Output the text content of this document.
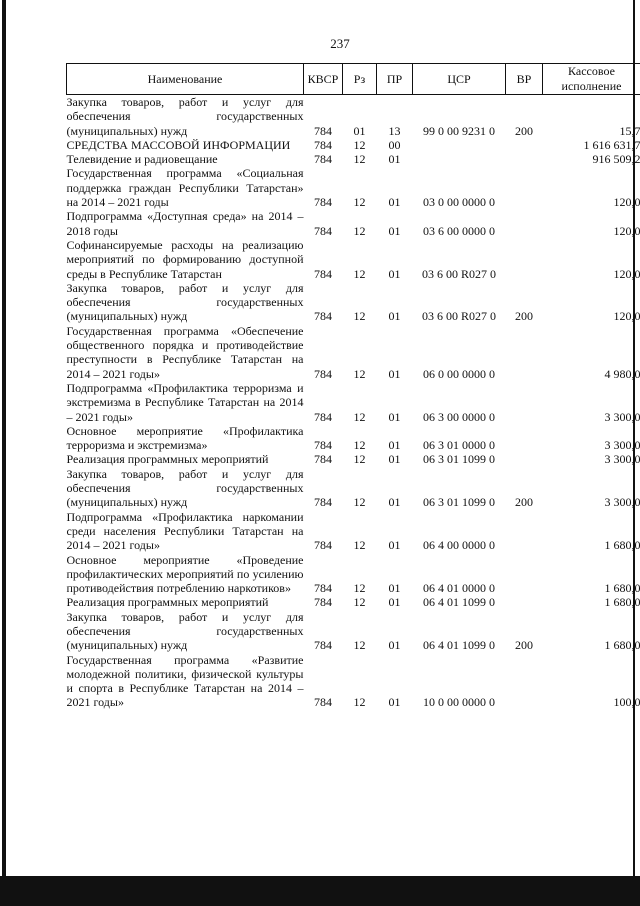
237
Наименование	КВСР	Рз	ПР	ЦСР	ВР	Кассовое исполнение
Закупка товаров, работ и услуг для обеспечения государственных (муниципальных) нужд	784	01	13	99 0 00 9231 0	200	15,7
СРЕДСТВА МАССОВОЙ ИНФОРМАЦИИ	784	12	00			1 616 631,7
Телевидение и радиовещание	784	12	01			916 509,2
Государственная программа «Социальная поддержка граждан Республики Татарстан» на 2014 – 2021 годы	784	12	01	03 0 00 0000 0		120,0
Подпрограмма «Доступная среда» на 2014 – 2018 годы	784	12	01	03 6 00 0000 0		120,0
Софинансируемые расходы на реализацию мероприятий по формированию доступной среды в Республике Татарстан	784	12	01	03 6 00 R027 0		120,0
Закупка товаров, работ и услуг для обеспечения государственных (муниципальных) нужд	784	12	01	03 6 00 R027 0	200	120,0
Государственная программа «Обеспечение общественного порядка и противодействие преступности в Республике Татарстан на 2014 – 2021 годы»	784	12	01	06 0 00 0000 0		4 980,0
Подпрограмма «Профилактика терроризма и экстремизма в Республике Татарстан на 2014 – 2021 годы»	784	12	01	06 3 00 0000 0		3 300,0
Основное мероприятие «Профилактика терроризма и экстремизма»	784	12	01	06 3 01 0000 0		3 300,0
Реализация программных мероприятий	784	12	01	06 3 01 1099 0		3 300,0
Закупка товаров, работ и услуг для обеспечения государственных (муниципальных) нужд	784	12	01	06 3 01 1099 0	200	3 300,0
Подпрограмма «Профилактика наркомании среди населения Республики Татарстан на 2014 – 2021 годы»	784	12	01	06 4 00 0000 0		1 680,0
Основное мероприятие «Проведение профилактических мероприятий по усилению противодействия потреблению наркотиков»	784	12	01	06 4 01 0000 0		1 680,0
Реализация программных мероприятий	784	12	01	06 4 01 1099 0		1 680,0
Закупка товаров, работ и услуг для обеспечения государственных (муниципальных) нужд	784	12	01	06 4 01 1099 0	200	1 680,0
Государственная программа «Развитие молодежной политики, физической культуры и спорта в Республике Татарстан на 2014 – 2021 годы»	784	12	01	10 0 00 0000 0		100,0
